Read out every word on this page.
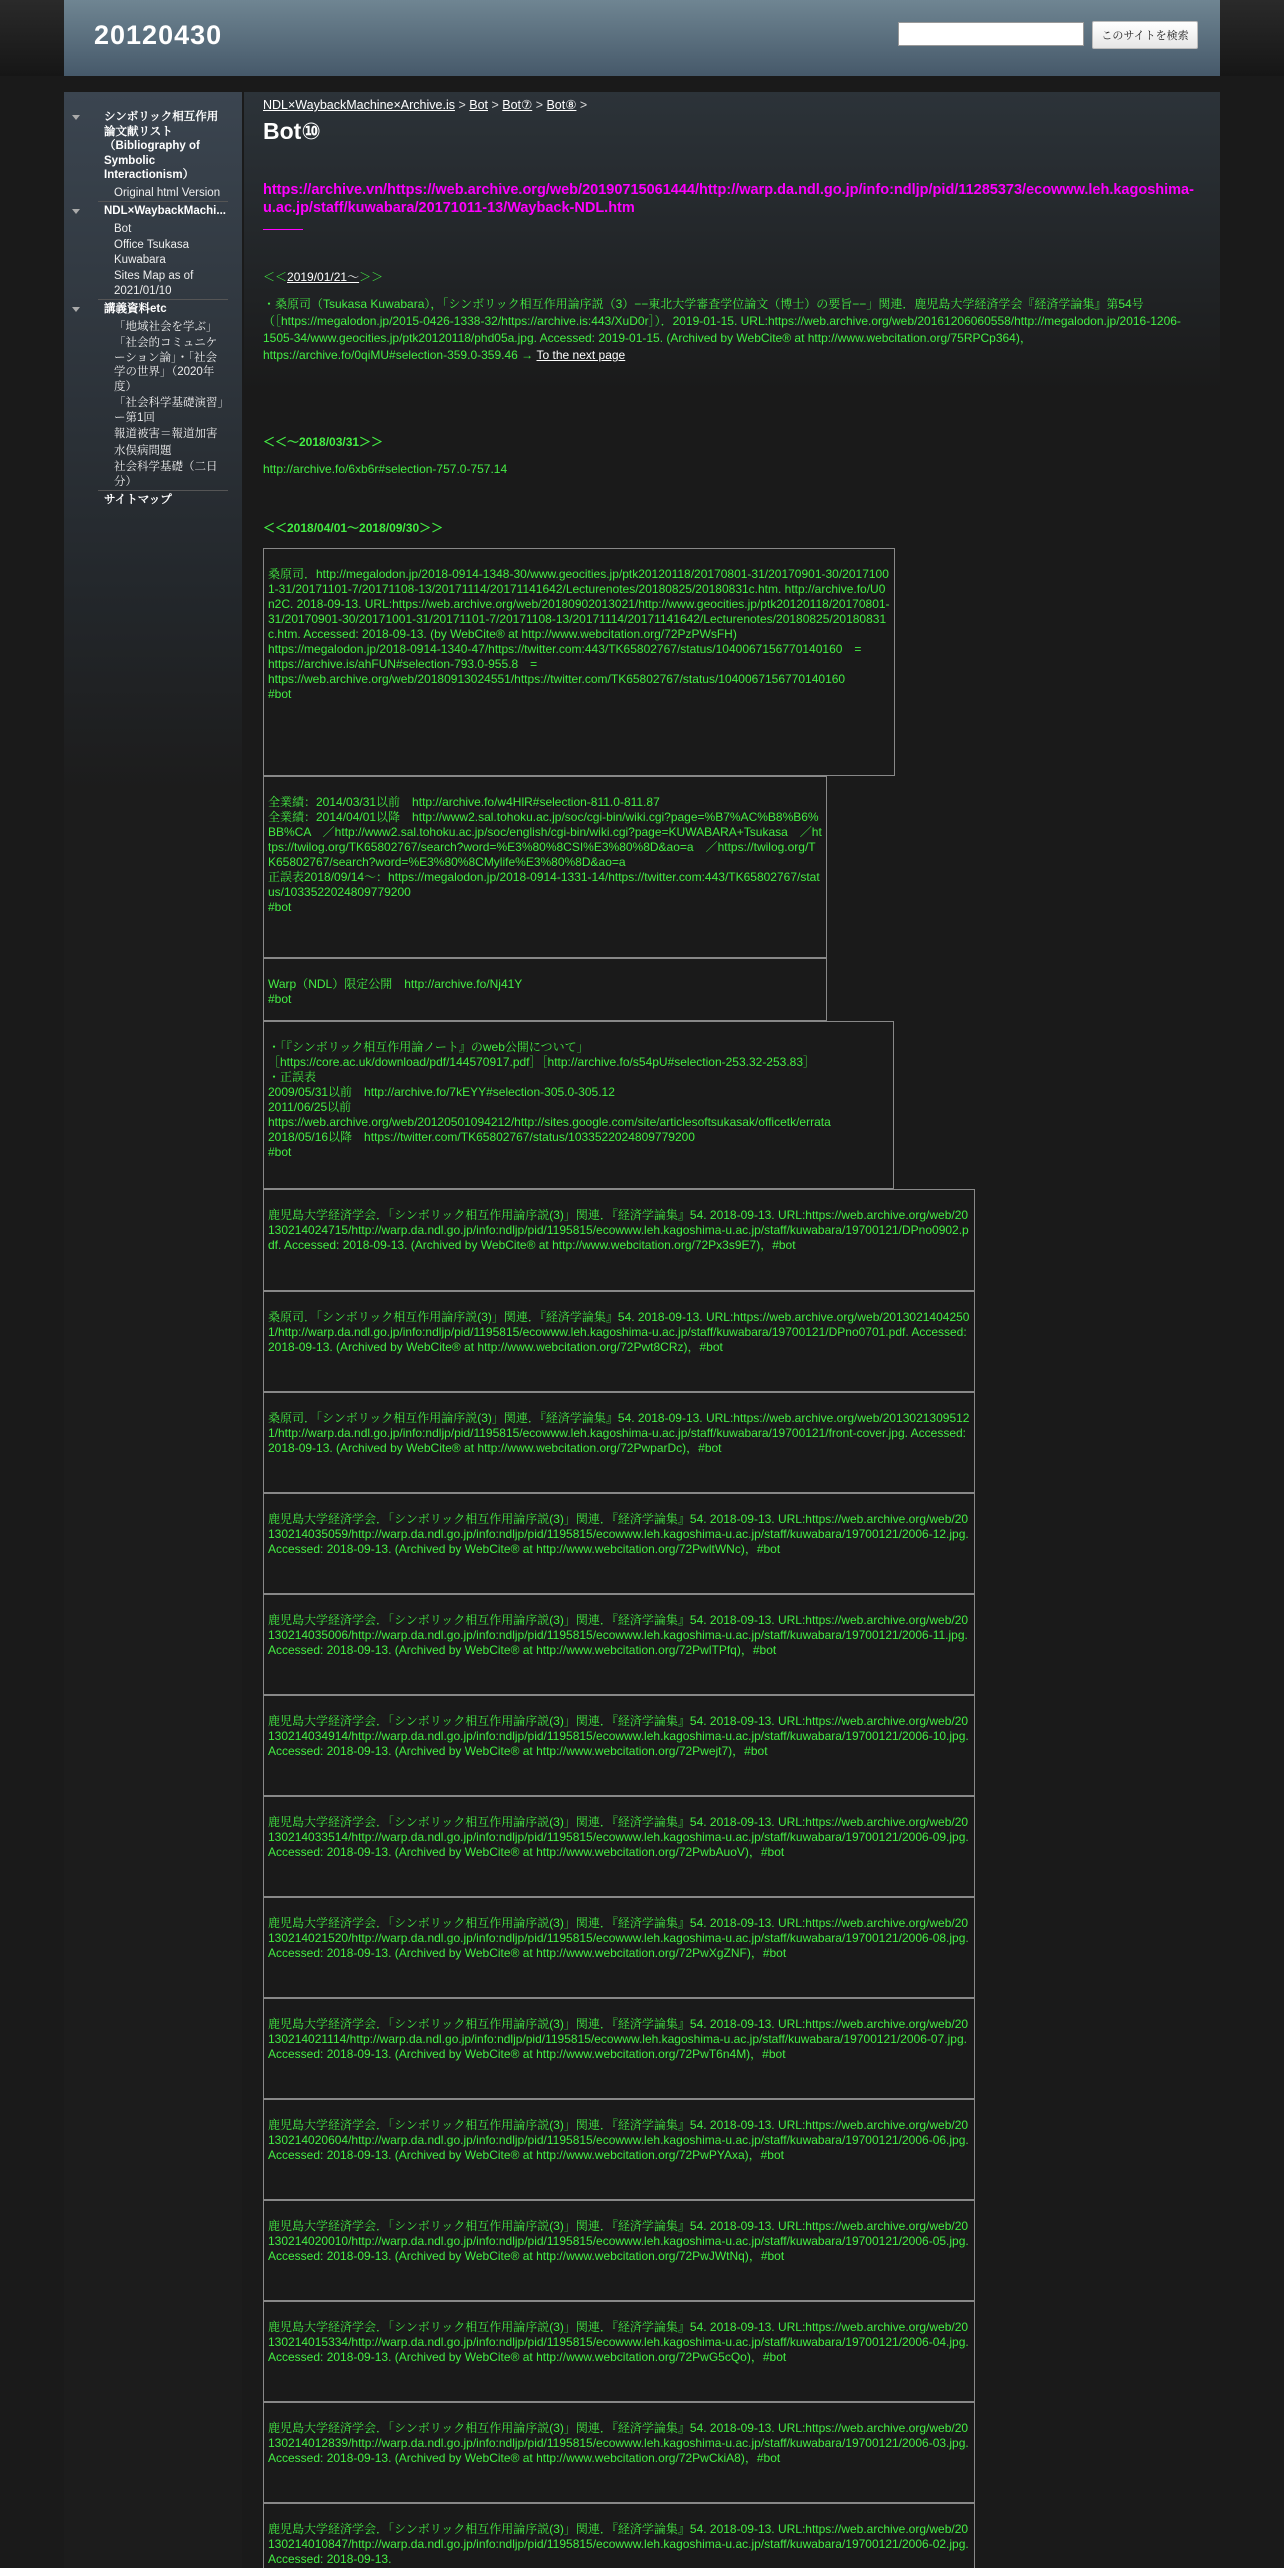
20120430	このサイトを検索
シンボリック相互作用論文献リスト（Bibliography of Symbolic Interactionism）
Original html Version
NDL×WaybackMachi...
Bot
Office Tsukasa Kuwabara
Sites Map as of 2021/01/10
講義資料etc
「地域社会を学ぶ」
「社会的コミュニケーション論」・「社会学の世界」（2020年度）
「社会科学基礎演習」ー第1回
報道被害＝報道加害
水俣病問題
社会科学基礎（二日分）
サイトマップ
NDL×WaybackMachine×Archive.is > Bot > Bot⑦ > Bot⑧ >
Bot⑩
https://archive.vn/https://web.archive.org/web/20190715061444/http://warp.da.ndl.go.jp/info:ndljp/pid/11285373/ecowww.leh.kagoshima-
u.ac.jp/staff/kuwabara/20171011-13/Wayback-NDL.htm
＜＜2019/01/21〜＞＞
・桑原司（Tsukasa Kuwabara），「シンボリック相互作用論序説（3）−−東北大学審査学位論文（博士）の要旨−−」関連．鹿児島大学経済学会『経済学論集』第54号（［https://megalodon.jp/2015-0426-1338-32/https://archive.is:443/XuD0r］）．2019-01-15. URL:https://web.archive.org/web/20161206060558/http://megalodon.jp/2016-1206-1505-34/www.geocities.jp/ptk20120118/phd05a.jpg. Accessed: 2019-01-15. (Archived by WebCite® at http://www.webcitation.org/75RPCp364)，https://archive.fo/0qiMU#selection-359.0-359.46 → To the next page
＜＜〜2018/03/31＞＞
http://archive.fo/6xb6r#selection-757.0-757.14
＜＜2018/04/01〜2018/09/30＞＞
桑原司．http://megalodon.jp/2018-0914-1348-30/www.geocities.jp/ptk20120118/20170801-31/20170901-30/20171001-31/20171101-7/20171108-13/20171114/20171141642/Lecturenotes/20180825/20180831c.htm. http://archive.fo/U0n2C. 2018-09-13. URL:https://web.archive.org/web/20180902013021/http://www.geocities.jp/ptk20120118/20170801-31/20170901-30/20171001-31/20171101-7/20171108-13/20171114/20171141642/Lecturenotes/20180825/20180831c.htm. Accessed: 2018-09-13. (by WebCite® at http://www.webcitation.org/72PzPWsFH)
https://megalodon.jp/2018-0914-1340-47/https://twitter.com:443/TK65802767/status/1040067156770140160　=
https://archive.is/ahFUN#selection-793.0-955.8　=
https://web.archive.org/web/20180913024551/https://twitter.com/TK65802767/status/1040067156770140160
#bot
全業績：2014/03/31以前　http://archive.fo/w4HlR#selection-811.0-811.87
全業績：2014/04/01以降　http://www2.sal.tohoku.ac.jp/soc/cgi-bin/wiki.cgi?page=%B7%AC%B8%B6%BB%CA　／http://www2.sal.tohoku.ac.jp/soc/english/cgi-bin/wiki.cgi?page=KUWABARA+Tsukasa　／https://twilog.org/TK65802767/search?word=%E3%80%8CSI%E3%80%8D&ao=a　／https://twilog.org/TK65802767/search?word=%E3%80%8CMylife%E3%80%8D&ao=a
正誤表2018/09/14〜：https://megalodon.jp/2018-0914-1331-14/https://twitter.com:443/TK65802767/status/1033522024809779200
#bot
Warp（NDL）限定公開　http://archive.fo/Nj41Y
#bot
・「『シンボリック相互作用論ノート』のweb公開について」
［https://core.ac.uk/download/pdf/144570917.pdf］［http://archive.fo/s54pU#selection-253.32-253.83］
・正誤表
2009/05/31以前　http://archive.fo/7kEYY#selection-305.0-305.12
2011/06/25以前
https://web.archive.org/web/20120501094212/http://sites.google.com/site/articlesoftsukasak/officetk/errata
2018/05/16以降　https://twitter.com/TK65802767/status/1033522024809779200
#bot
鹿児島大学経済学会．「シンボリック相互作用論序説(3)」関連．『経済学論集』54. 2018-09-13. URL:https://web.archive.org/web/20130214024715/http://warp.da.ndl.go.jp/info:ndljp/pid/1195815/ecowww.leh.kagoshima-u.ac.jp/staff/kuwabara/19700121/DPno0902.pdf. Accessed: 2018-09-13. (Archived by WebCite® at http://www.webcitation.org/72Px3s9E7)，#bot
桑原司．「シンボリック相互作用論序説(3)」関連．『経済学論集』54. 2018-09-13. URL:https://web.archive.org/web/20130214042501/http://warp.da.ndl.go.jp/info:ndljp/pid/1195815/ecowww.leh.kagoshima-u.ac.jp/staff/kuwabara/19700121/DPno0701.pdf. Accessed: 2018-09-13. (Archived by WebCite® at http://www.webcitation.org/72Pwt8CRz)，#bot
桑原司．「シンボリック相互作用論序説(3)」関連．『経済学論集』54. 2018-09-13. URL:https://web.archive.org/web/20130213095121/http://warp.da.ndl.go.jp/info:ndljp/pid/1195815/ecowww.leh.kagoshima-u.ac.jp/staff/kuwabara/19700121/front-cover.jpg. Accessed: 2018-09-13. (Archived by WebCite® at http://www.webcitation.org/72PwparDc)，#bot
鹿児島大学経済学会．「シンボリック相互作用論序説(3)」関連．『経済学論集』54. 2018-09-13. URL:https://web.archive.org/web/20130214035059/http://warp.da.ndl.go.jp/info:ndljp/pid/1195815/ecowww.leh.kagoshima-u.ac.jp/staff/kuwabara/19700121/2006-12.jpg. Accessed: 2018-09-13. (Archived by WebCite® at http://www.webcitation.org/72PwltWNc)，#bot
鹿児島大学経済学会．「シンボリック相互作用論序説(3)」関連．『経済学論集』54. 2018-09-13. URL:https://web.archive.org/web/20130214035006/http://warp.da.ndl.go.jp/info:ndljp/pid/1195815/ecowww.leh.kagoshima-u.ac.jp/staff/kuwabara/19700121/2006-11.jpg. Accessed: 2018-09-13. (Archived by WebCite® at http://www.webcitation.org/72PwlTPfq)，#bot
鹿児島大学経済学会．「シンボリック相互作用論序説(3)」関連．『経済学論集』54. 2018-09-13. URL:https://web.archive.org/web/20130214034914/http://warp.da.ndl.go.jp/info:ndljp/pid/1195815/ecowww.leh.kagoshima-u.ac.jp/staff/kuwabara/19700121/2006-10.jpg. Accessed: 2018-09-13. (Archived by WebCite® at http://www.webcitation.org/72Pwejt7)，#bot
鹿児島大学経済学会．「シンボリック相互作用論序説(3)」関連．『経済学論集』54. 2018-09-13. URL:https://web.archive.org/web/20130214033514/http://warp.da.ndl.go.jp/info:ndljp/pid/1195815/ecowww.leh.kagoshima-u.ac.jp/staff/kuwabara/19700121/2006-09.jpg. Accessed: 2018-09-13. (Archived by WebCite® at http://www.webcitation.org/72PwbAuoV)，#bot
鹿児島大学経済学会．「シンボリック相互作用論序説(3)」関連．『経済学論集』54. 2018-09-13. URL:https://web.archive.org/web/20130214021520/http://warp.da.ndl.go.jp/info:ndljp/pid/1195815/ecowww.leh.kagoshima-u.ac.jp/staff/kuwabara/19700121/2006-08.jpg. Accessed: 2018-09-13. (Archived by WebCite® at http://www.webcitation.org/72PwXgZNF)，#bot
鹿児島大学経済学会．「シンボリック相互作用論序説(3)」関連．『経済学論集』54. 2018-09-13. URL:https://web.archive.org/web/20130214021114/http://warp.da.ndl.go.jp/info:ndljp/pid/1195815/ecowww.leh.kagoshima-u.ac.jp/staff/kuwabara/19700121/2006-07.jpg. Accessed: 2018-09-13. (Archived by WebCite® at http://www.webcitation.org/72PwT6n4M)，#bot
鹿児島大学経済学会．「シンボリック相互作用論序説(3)」関連．『経済学論集』54. 2018-09-13. URL:https://web.archive.org/web/20130214020604/http://warp.da.ndl.go.jp/info:ndljp/pid/1195815/ecowww.leh.kagoshima-u.ac.jp/staff/kuwabara/19700121/2006-06.jpg. Accessed: 2018-09-13. (Archived by WebCite® at http://www.webcitation.org/72PwPYAxa)，#bot
鹿児島大学経済学会．「シンボリック相互作用論序説(3)」関連．『経済学論集』54. 2018-09-13. URL:https://web.archive.org/web/20130214020010/http://warp.da.ndl.go.jp/info:ndljp/pid/1195815/ecowww.leh.kagoshima-u.ac.jp/staff/kuwabara/19700121/2006-05.jpg. Accessed: 2018-09-13. (Archived by WebCite® at http://www.webcitation.org/72PwJWtNq)，#bot
鹿児島大学経済学会．「シンボリック相互作用論序説(3)」関連．『経済学論集』54. 2018-09-13. URL:https://web.archive.org/web/20130214015334/http://warp.da.ndl.go.jp/info:ndljp/pid/1195815/ecowww.leh.kagoshima-u.ac.jp/staff/kuwabara/19700121/2006-04.jpg. Accessed: 2018-09-13. (Archived by WebCite® at http://www.webcitation.org/72PwG5cQo)，#bot
鹿児島大学経済学会．「シンボリック相互作用論序説(3)」関連．『経済学論集』54. 2018-09-13. URL:https://web.archive.org/web/20130214012839/http://warp.da.ndl.go.jp/info:ndljp/pid/1195815/ecowww.leh.kagoshima-u.ac.jp/staff/kuwabara/19700121/2006-03.jpg. Accessed: 2018-09-13. (Archived by WebCite® at http://www.webcitation.org/72PwCkiA8)，#bot
鹿児島大学経済学会．「シンボリック相互作用論序説(3)」関連．『経済学論集』54. 2018-09-13. URL:https://web.archive.org/web/20130214010847/http://warp.da.ndl.go.jp/info:ndljp/pid/1195815/ecowww.leh.kagoshima-u.ac.jp/staff/kuwabara/19700121/2006-02.jpg. Accessed: 2018-09-13.
